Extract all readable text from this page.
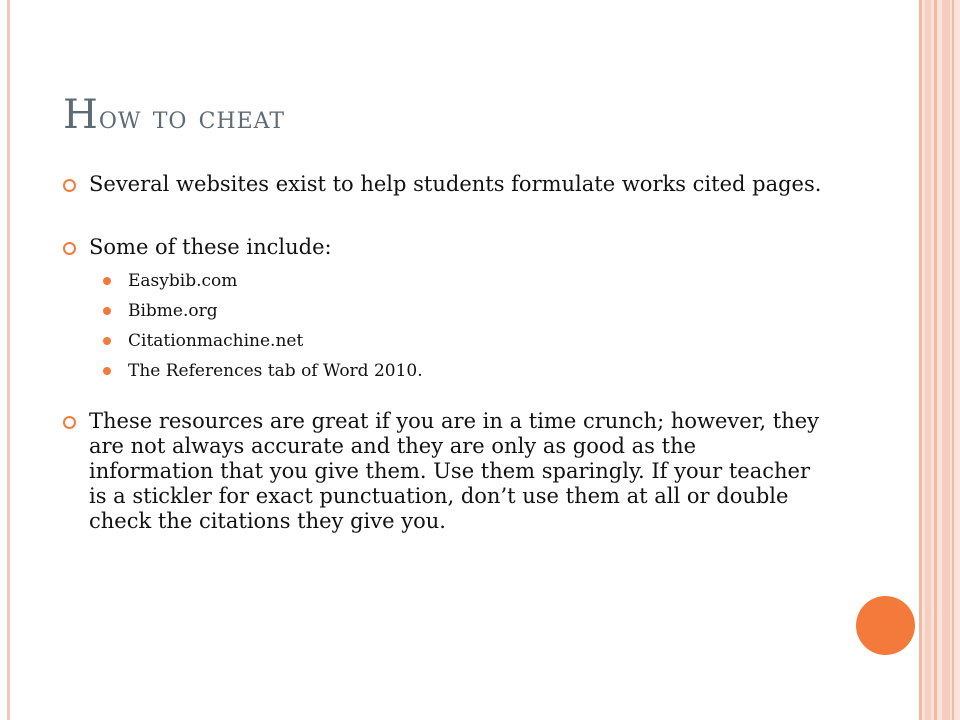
How to cheat
Several websites exist to help students formulate works cited pages.
Some of these include:
Easybib.com
Bibme.org
Citationmachine.net
The References tab of Word 2010.
These resources are great if you are in a time crunch; however, they are not always accurate and they are only as good as the information that you give them. Use them sparingly. If your teacher is a stickler for exact punctuation, don’t use them at all or double check the citations they give you.
